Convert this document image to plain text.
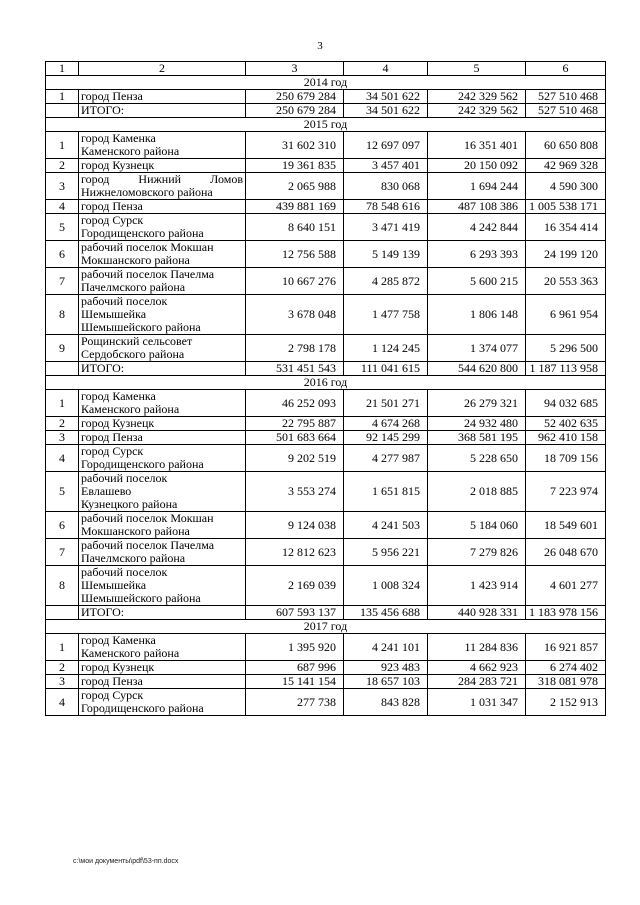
3
1	2	3	4	5	6
2014 год					
1	город Пенза	250 679 284	34 501 622	242 329 562	527 510 468

	ИТОГО:	250 679 284	34 501 622	242 329 562	527 510 468
2015 год					
1	город Каменка
Каменского района	31 602 310	12 697 097	16 351 401	60 650 808
2	город Кузнецк	19 361 835	3 457 401	20 150 092	42 969 328
3	город Нижний Ломов
Нижнеломовского района	2 065 988	830 068	1 694 244	4 590 300
4	город Пенза	439 881 169	78 548 616	487 108 386	1 005 538 171
5	город Сурск
Городищенского района	8 640 151	3 471 419	4 242 844	16 354 414
6	рабочий поселок Мокшан
Мокшанского района	12 756 588	5 149 139	6 293 393	24 199 120
7	рабочий поселок Пачелма
Пачелмского района	10 667 276	4 285 872	5 600 215	20 553 363
8	рабочий поселок
Шемышейка
Шемышейского района	3 678 048	1 477 758	1 806 148	6 961 954
9	Рощинский сельсовет
Сердобского района	2 798 178	1 124 245	1 374 077	5 296 500

	ИТОГО:	531 451 543	111 041 615	544 620 800	1 187 113 958
2016 год					
1	город Каменка
Каменского района	46 252 093	21 501 271	26 279 321	94 032 685
2	город Кузнецк	22 795 887	4 674 268	24 932 480	52 402 635
3	город Пенза	501 683 664	92 145 299	368 581 195	962 410 158
4	город Сурск
Городищенского района	9 202 519	4 277 987	5 228 650	18 709 156
5	рабочий поселок
Евлашево
Кузнецкого района	3 553 274	1 651 815	2 018 885	7 223 974
6	рабочий поселок Мокшан
Мокшанского района	9 124 038	4 241 503	5 184 060	18 549 601
7	рабочий поселок Пачелма
Пачелмского района	12 812 623	5 956 221	7 279 826	26 048 670
8	рабочий поселок
Шемышейка
Шемышейского района	2 169 039	1 008 324	1 423 914	4 601 277

	ИТОГО:	607 593 137	135 456 688	440 928 331	1 183 978 156
2017 год					
1	город Каменка
Каменского района	1 395 920	4 241 101	11 284 836	16 921 857
2	город Кузнецк	687 996	923 483	4 662 923	6 274 402
3	город Пенза	15 141 154	18 657 103	284 283 721	318 081 978
4	город Сурск
Городищенского района	277 738	843 828	1 031 347	2 152 913
c:\мои документы\pdf\53-пп.docx
